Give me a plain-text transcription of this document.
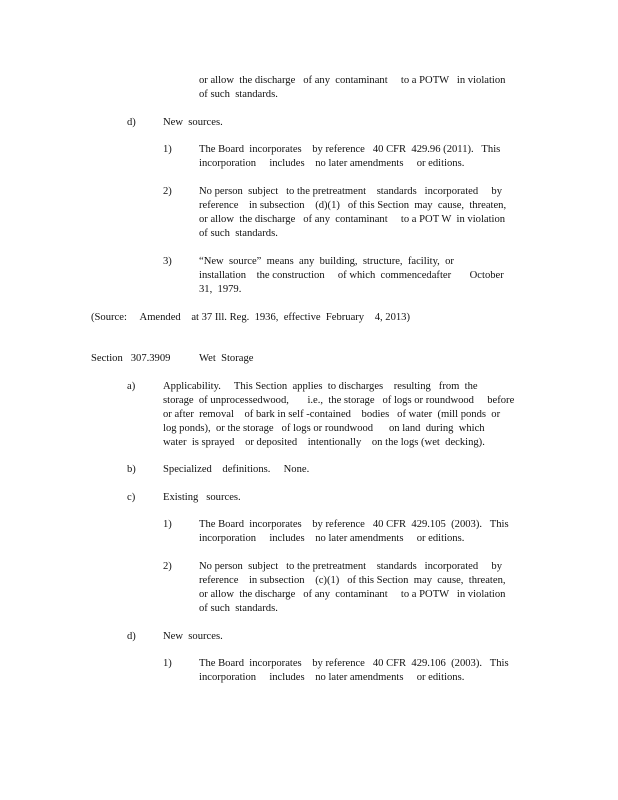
or allow  the discharge   of any  contaminant     to a POTW   in violation
of such  standards.
d)	New  sources.
1)	The Board  incorporates    by reference   40 CFR  429.96 (2011).   This
incorporation     includes    no later amendments     or editions.
2)	No person  subject   to the pretreatment    standards   incorporated     by
reference    in subsection    (d)(1)   of this Section  may  cause,  threaten,
or allow  the discharge   of any  contaminant     to a POT W  in violation
of such  standards.
3)	“New  source”  means  any  building,  structure,  facility,  or
installation    the construction     of which  commencedafter       October
31,  1979.
(Source:     Amended    at 37 Ill. Reg.  1936,  effective  February    4, 2013)
Section   307.3909	Wet  Storage
a)	Applicability.     This Section  applies  to discharges    resulting   from  the
storage  of unprocessedwood,       i.e.,  the storage   of logs or roundwood     before
or after  removal    of bark in self -contained    bodies   of water  (mill ponds  or
log ponds),  or the storage   of logs or roundwood      on land  during  which
water  is sprayed    or deposited    intentionally    on the logs (wet  decking).
b)	Specialized    definitions.     None.
c)	Existing   sources.
1)	The Board  incorporates    by reference   40 CFR  429.105  (2003).   This
incorporation     includes    no later amendments     or editions.
2)	No person  subject   to the pretreatment    standards   incorporated     by
reference    in subsection    (c)(1)   of this Section  may  cause,  threaten,
or allow  the discharge   of any  contaminant     to a POTW   in violation
of such  standards.
d)	New  sources.
1)	The Board  incorporates    by reference   40 CFR  429.106  (2003).   This
incorporation     includes    no later amendments     or editions.
